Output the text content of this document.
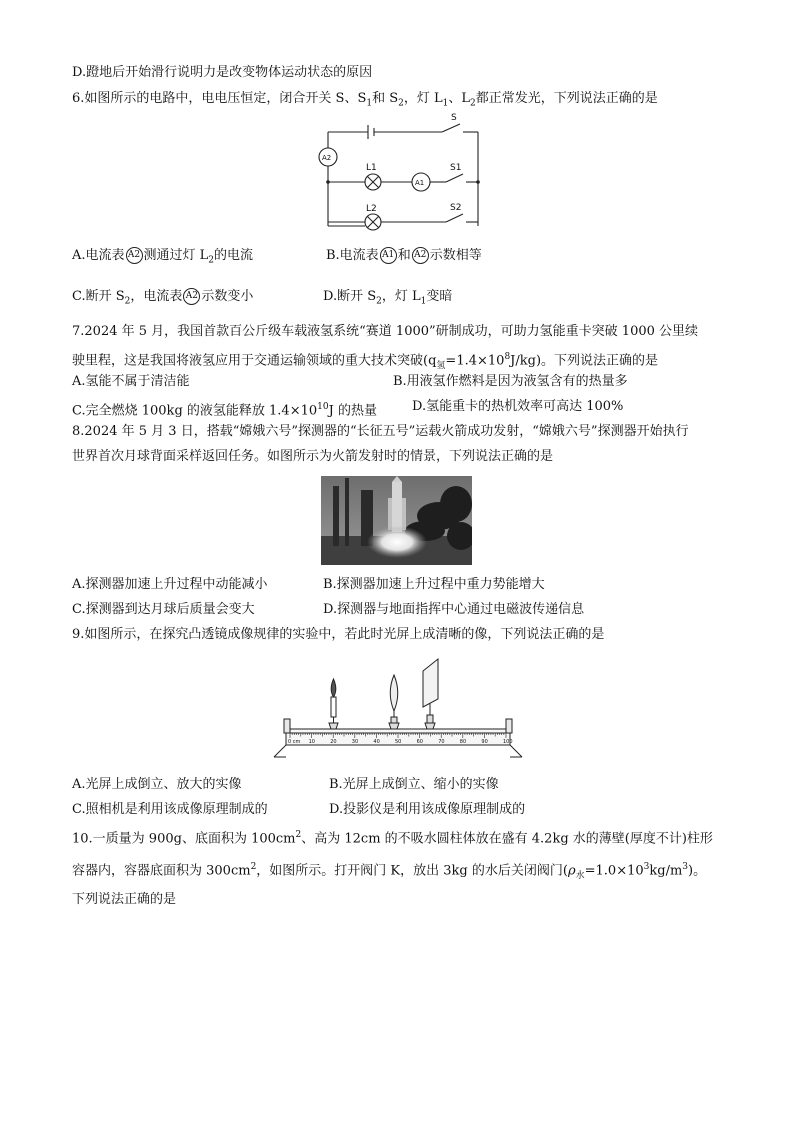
D.蹬地后开始滑行说明力是改变物体运动状态的原因
6.如图所示的电路中，电电压恒定，闭合开关 S、$S_1$和 $S_2$，灯 $L_1$、$L_2$都正常发光，下列说法正确的是
S
S1
S2
L1
L2
A1
A2
A.电流表 A2 测通过灯 $L_2$的电流	B.电流表 A1 和 A2 示数相等
C.断开 $S_2$，电流表 A2 示数变小	D.断开 $S_2$，灯 $L_1$变暗
7.2024 年 5 月，我国首款百公斤级车载液氢系统“赛道 1000”研制成功，可助力氢能重卡突破 1000 公里续
驶里程，这是我国将液氢应用于交通运输领域的重大技术突破$(q_氢=1.4\times 10^8J/kg)$。下列说法正确的是
A.氢能不属于清洁能	B.用液氢作燃料是因为液氢含有的热量多
C.完全燃烧 100kg 的液氢能释放 $1.4\times 10^{10}J$ 的热量	D.氢能重卡的热机效率可高达 100%
8.2024 年 5 月 3 日，搭载“嫦娥六号”探测器的“长征五号”运载火箭成功发射，“嫦娥六号”探测器开始执行
世界首次月球背面采样返回任务。如图所示为火箭发射时的情景，下列说法正确的是
A.探测器加速上升过程中动能减小	B.探测器加速上升过程中重力势能增大
C.探测器到达月球后质量会变大	D.探测器与地面指挥中心通过电磁波传递信息
9.如图所示，在探究凸透镜成像规律的实验中，若此时光屏上成清晰的像，下列说法正确的是
0 cm 10	20	30	40	50	60	70	80	90	100
A.光屏上成倒立、放大的实像	B.光屏上成倒立、缩小的实像
C.照相机是利用该成像原理制成的	D.投影仪是利用该成像原理制成的
10.一质量为 900g、底面积为 $100cm^2$、高为 12cm 的不吸水圆柱体放在盛有 4.2kg 水的薄壁(厚度不计)柱形
容器内，容器底面积为 $300cm^2$，如图所示。打开阀门 K，放出 3kg 的水后关闭阀门$(\rho_水=1.0\times 10^3kg/m^3)$。
下列说法正确的是
